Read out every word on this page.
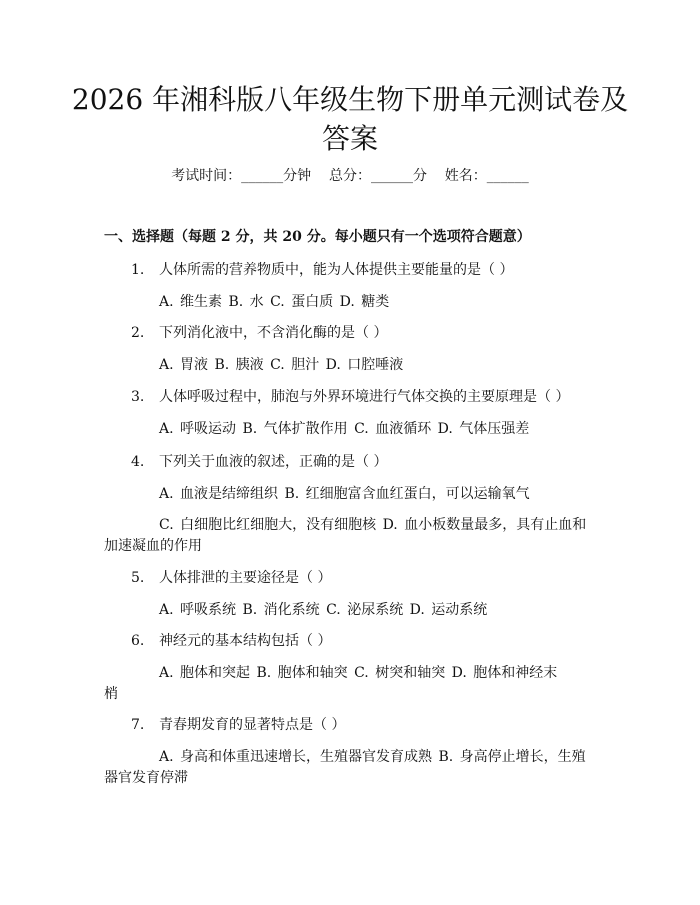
2026 年湘科版八年级生物下册单元测试卷及
答案
考试时间：______分钟    总分：______分    姓名：______
一、选择题（每题 2 分，共 20 分。每小题只有一个选项符合题意）
1. 人体所需的营养物质中，能为人体提供主要能量的是（ ）
A. 维生素 B. 水 C. 蛋白质 D. 糖类
2. 下列消化液中，不含消化酶的是（ ）
A. 胃液 B. 胰液 C. 胆汁 D. 口腔唾液
3. 人体呼吸过程中，肺泡与外界环境进行气体交换的主要原理是（ ）
A. 呼吸运动 B. 气体扩散作用 C. 血液循环 D. 气体压强差
4. 下列关于血液的叙述，正确的是（ ）
A. 血液是结缔组织 B. 红细胞富含血红蛋白，可以运输氧气
C. 白细胞比红细胞大，没有细胞核 D. 血小板数量最多，具有止血和
加速凝血的作用
5. 人体排泄的主要途径是（ ）
A. 呼吸系统 B. 消化系统 C. 泌尿系统 D. 运动系统
6. 神经元的基本结构包括（ ）
A. 胞体和突起 B. 胞体和轴突 C. 树突和轴突 D. 胞体和神经末
梢
7. 青春期发育的显著特点是（ ）
A. 身高和体重迅速增长，生殖器官发育成熟 B. 身高停止增长，生殖
器官发育停滞
